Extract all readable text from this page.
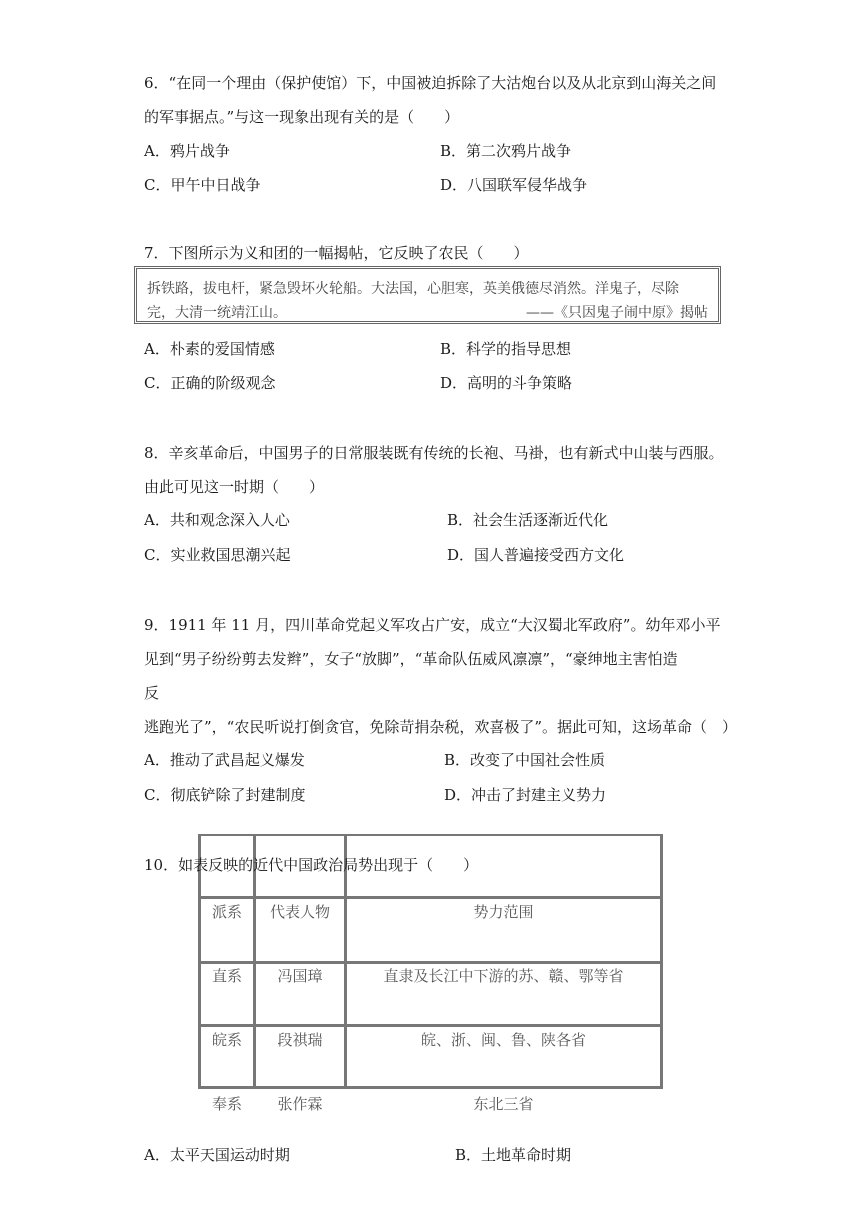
6．“在同一个理由（保护使馆）下，中国被迫拆除了大沽炮台以及从北京到山海关之间
的军事据点。”与这一现象出现有关的是（　　）
A．鸦片战争	B．第二次鸦片战争
C．甲午中日战争	D．八国联军侵华战争
7．下图所示为义和团的一幅揭帖，它反映了农民（　　）
拆铁路，拔电杆，紧急毁坏火轮船。大法国，心胆寒，英美俄德尽消然。洋鬼子，尽除
完，大清一统靖江山。	——《只因鬼子闹中原》揭帖
A．朴素的爱国情感	B．科学的指导思想
C．正确的阶级观念	D．高明的斗争策略
8．辛亥革命后，中国男子的日常服装既有传统的长袍、马褂，也有新式中山装与西服。
由此可见这一时期（　　）
A．共和观念深入人心	B．社会生活逐渐近代化
C．实业救国思潮兴起	D．国人普遍接受西方文化
9．1911 年 11 月，四川革命党起义军攻占广安，成立“大汉蜀北军政府”。幼年邓小平
见到“男子纷纷剪去发辫”，女子“放脚”，“革命队伍威风凛凛”，“豪绅地主害怕造
反
逃跑光了”，“农民听说打倒贪官，免除苛捐杂税，欢喜极了”。据此可知，这场革命（　）
A．推动了武昌起义爆发	B．改变了中国社会性质
C．彻底铲除了封建制度	D．冲击了封建主义势力
派系	代表人物	势力范围
直系	冯国璋	直隶及长江中下游的苏、赣、鄂等省
皖系	段祺瑞	皖、浙、闽、鲁、陕各省
奉系	张作霖	东北三省
10．如表反映的近代中国政治局势出现于（　　）
A．太平天国运动时期	B．土地革命时期
